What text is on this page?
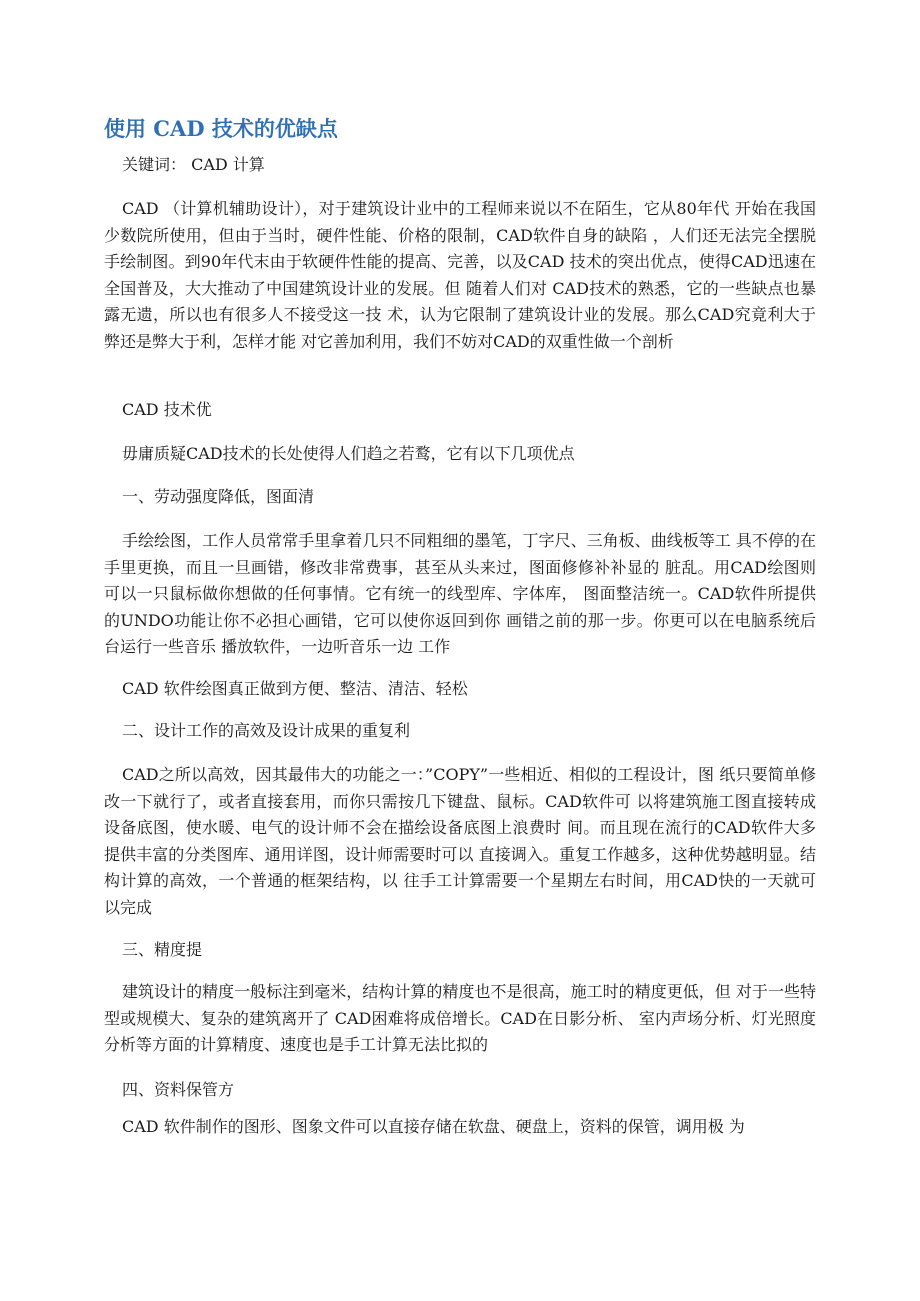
使用 CAD 技术的优缺点
关键词： CAD 计算

CAD （计算机辅助设计），对于建筑设计业中的工程师来说以不在陌生，它从80年代 开始在我国少数院所使用，但由于当时，硬件性能、价格的限制，CAD软件自身的缺陷 ，人们还无法完全摆脱手绘制图。到90年代末由于软硬件性能的提高、完善，以及CAD 技术的突出优点，使得CAD迅速在全国普及，大大推动了中国建筑设计业的发展。但 随着人们对 CAD技术的熟悉，它的一些缺点也暴露无遗，所以也有很多人不接受这一技 术，认为它限制了建筑设计业的发展。那么CAD究竟利大于弊还是弊大于利，怎样才能 对它善加利用，我们不妨对CAD的双重性做一个剖析

CAD 技术优
毋庸质疑CAD技术的长处使得人们趋之若鹜，它有以下几项优点
一、劳动强度降低，图面清

手绘绘图，工作人员常常手里拿着几只不同粗细的墨笔，丁字尺、三角板、曲线板等工 具不停的在手里更换，而且一旦画错，修改非常费事，甚至从头来过，图面修修补补显的 脏乱。用CAD绘图则可以一只鼠标做你想做的任何事情。它有统一的线型库、字体库， 图面整洁统一。CAD软件所提供的UNDO功能让你不必担心画错，它可以使你返回到你 画错之前的那一步。你更可以在电脑系统后台运行一些音乐 播放软件，一边听音乐一边 工作

CAD 软件绘图真正做到方便、整洁、清洁、轻松
二、设计工作的高效及设计成果的重复利

CAD之所以高效，因其最伟大的功能之一：”COPY”一些相近、相似的工程设计，图 纸只要简单修改一下就行了，或者直接套用，而你只需按几下键盘、鼠标。CAD软件可 以将建筑施工图直接转成设备底图，使水暖、电气的设计师不会在描绘设备底图上浪费时 间。而且现在流行的CAD软件大多提供丰富的分类图库、通用详图，设计师需要时可以 直接调入。重复工作越多，这种优势越明显。结构计算的高效，一个普通的框架结构，以 往手工计算需要一个星期左右时间，用CAD快的一天就可以完成

三、精度提

建筑设计的精度一般标注到毫米，结构计算的精度也不是很高，施工时的精度更低，但 对于一些特型或规模大、复杂的建筑离开了 CAD困难将成倍增长。CAD在日影分析、 室内声场分析、灯光照度分析等方面的计算精度、速度也是手工计算无法比拟的

四、资料保管方

CAD 软件制作的图形、图象文件可以直接存储在软盘、硬盘上，资料的保管，调用极 为
